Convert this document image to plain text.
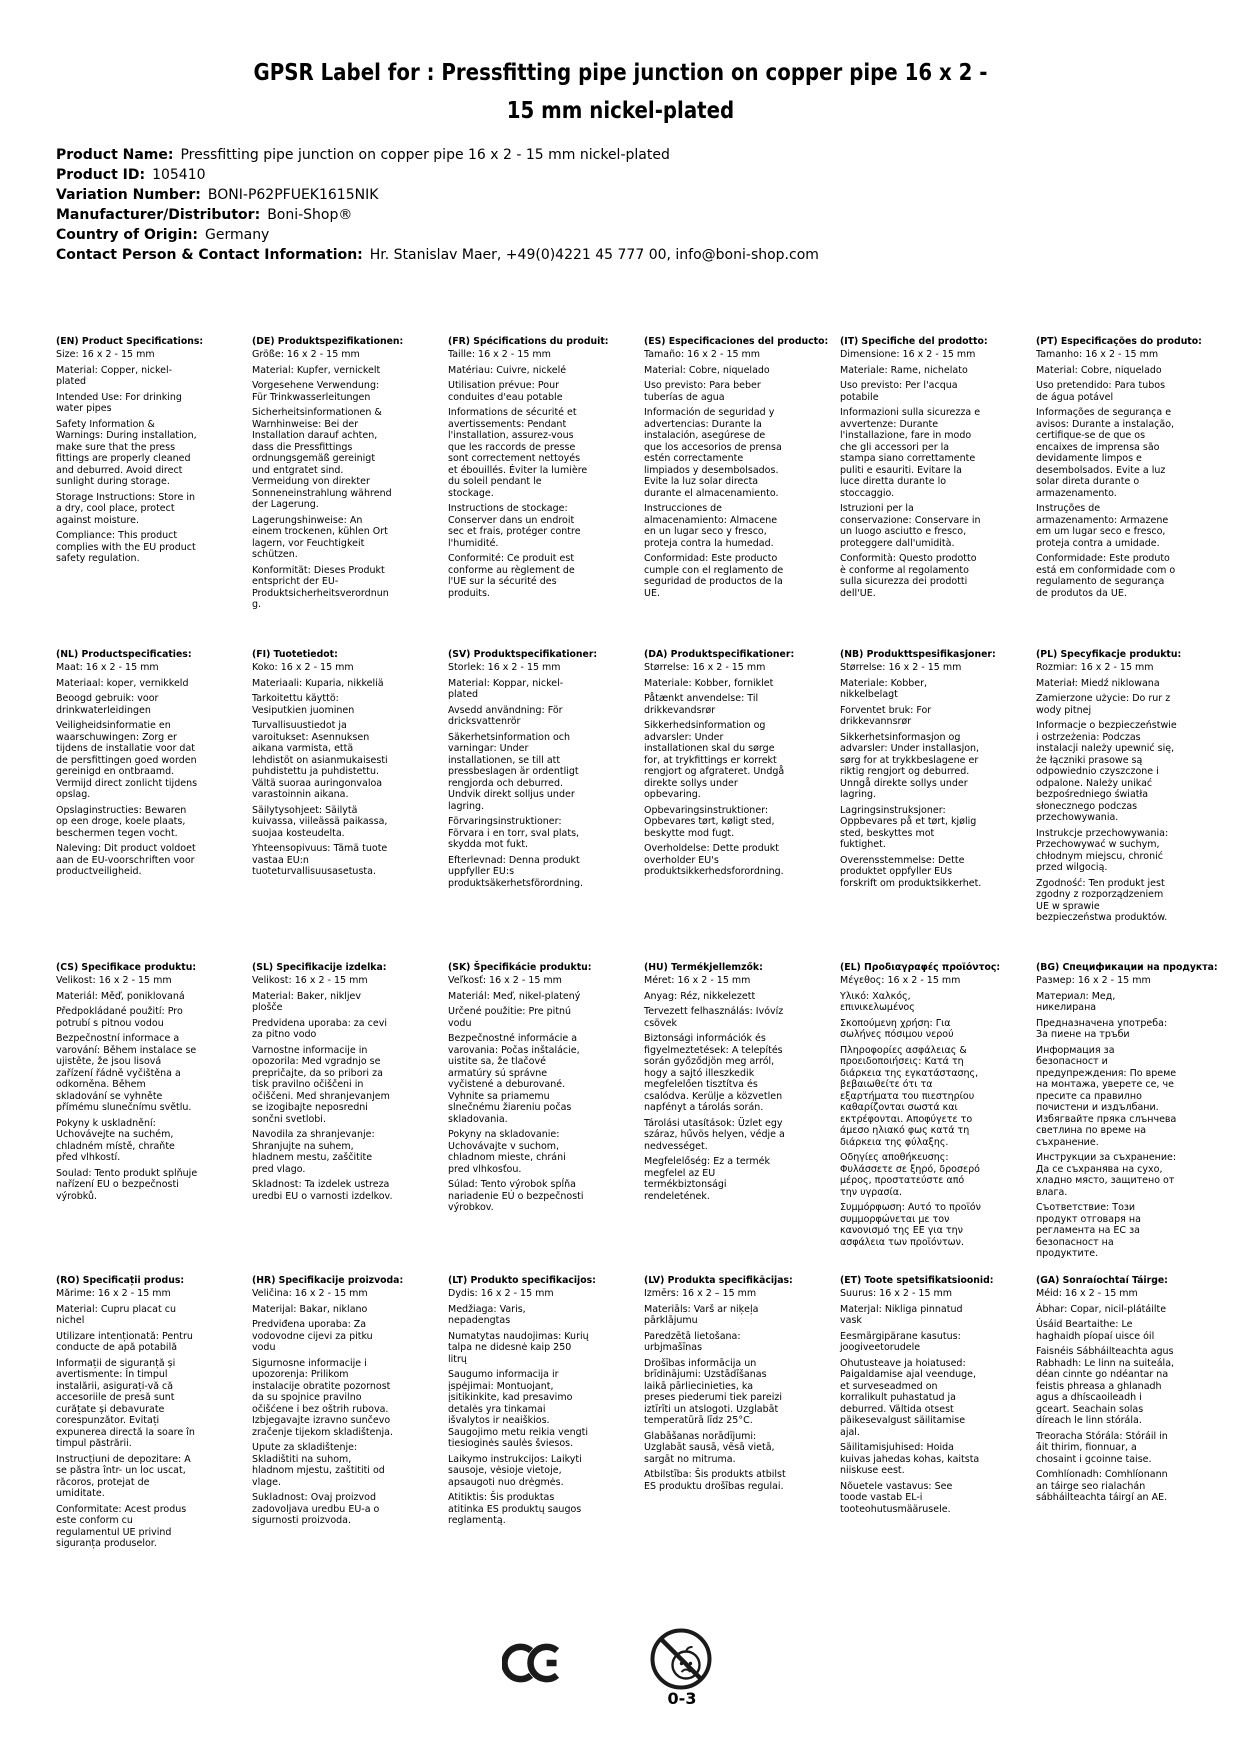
GPSR Label for : Pressfitting pipe junction on copper pipe 16 x 2 -
15 mm nickel-plated
Product Name: Pressfitting pipe junction on copper pipe 16 x 2 - 15 mm nickel-plated
Product ID: 105410
Variation Number: BONI-P62PFUEK1615NIK
Manufacturer/Distributor: Boni-Shop®
Country of Origin: Germany
Contact Person & Contact Information: Hr. Stanislav Maer, +49(0)4221 45 777 00, info@boni-shop.com
(EN) Product Specifications:

Size: 16 x 2 - 15 mm

Material: Copper, nickel-plated

Intended Use: For drinking water pipes

Safety Information & Warnings: During installation, make sure that the press fittings are properly cleaned and deburred. Avoid direct sunlight during storage.

Storage Instructions: Store in a dry, cool place, protect against moisture.

Compliance: This product complies with the EU product safety regulation.

(DE) Produktspezifikationen:

Größe: 16 x 2 - 15 mm

Material: Kupfer, vernickelt

Vorgesehene Verwendung: Für Trinkwasserleitungen

Sicherheitsinformationen & Warnhinweise: Bei der Installation darauf achten, dass die Pressfittings ordnungsgemäß gereinigt und entgratet sind. Vermeidung von direkter Sonneneinstrahlung während der Lagerung.

Lagerungshinweise: An einem trockenen, kühlen Ort lagern, vor Feuchtigkeit schützen.

Konformität: Dieses Produkt entspricht der EU-Produktsicherheitsverordnung.

(FR) Spécifications du produit:

Taille: 16 x 2 - 15 mm

Matériau: Cuivre, nickelé

Utilisation prévue: Pour conduites d'eau potable

Informations de sécurité et avertissements: Pendant l'installation, assurez-vous que les raccords de presse sont correctement nettoyés et ébouillés. Éviter la lumière du soleil pendant le stockage.

Instructions de stockage: Conserver dans un endroit sec et frais, protéger contre l'humidité.

Conformité: Ce produit est conforme au règlement de l'UE sur la sécurité des produits.

(ES) Especificaciones del producto:

Tamaño: 16 x 2 - 15 mm

Material: Cobre, niquelado

Uso previsto: Para beber tuberías de agua

Información de seguridad y advertencias: Durante la instalación, asegúrese de que los accesorios de prensa estén correctamente limpiados y desembolsados. Evite la luz solar directa durante el almacenamiento.

Instrucciones de almacenamiento: Almacene en un lugar seco y fresco, proteja contra la humedad.

Conformidad: Este producto cumple con el reglamento de seguridad de productos de la UE.

(IT) Specifiche del prodotto:

Dimensione: 16 x 2 - 15 mm

Materiale: Rame, nichelato

Uso previsto: Per l'acqua potabile

Informazioni sulla sicurezza e avvertenze: Durante l'installazione, fare in modo che gli accessori per la stampa siano correttamente puliti e esauriti. Evitare la luce diretta durante lo stoccaggio.

Istruzioni per la conservazione: Conservare in un luogo asciutto e fresco, proteggere dall'umidità.

Conformità: Questo prodotto è conforme al regolamento sulla sicurezza dei prodotti dell'UE.

(PT) Especificações do produto:

Tamanho: 16 x 2 - 15 mm

Material: Cobre, niquelado

Uso pretendido: Para tubos de água potável

Informações de segurança e avisos: Durante a instalação, certifique-se de que os encaixes de imprensa são devidamente limpos e desembolsados. Evite a luz solar direta durante o armazenamento.

Instruções de armazenamento: Armazene em um lugar seco e fresco, proteja contra a umidade.

Conformidade: Este produto está em conformidade com o regulamento de segurança de produtos da UE.

(NL) Productspecificaties:

Maat: 16 x 2 - 15 mm

Materiaal: koper, vernikkeld

Beoogd gebruik: voor drinkwaterleidingen

Veiligheidsinformatie en waarschuwingen: Zorg er tijdens de installatie voor dat de persfittingen goed worden gereinigd en ontbraamd. Vermijd direct zonlicht tijdens opslag.

Opslaginstructies: Bewaren op een droge, koele plaats, beschermen tegen vocht.

Naleving: Dit product voldoet aan de EU-voorschriften voor productveiligheid.

(FI) Tuotetiedot:

Koko: 16 x 2 - 15 mm

Materiaali: Kuparia, nikkeliä

Tarkoitettu käyttö: Vesiputkien juominen

Turvallisuustiedot ja varoitukset: Asennuksen aikana varmista, että lehdistöt on asianmukaisesti puhdistettu ja puhdistettu. Vältä suoraa auringonvaloa varastoinnin aikana.

Säilytysohjeet: Säilytä kuivassa, viileässä paikassa, suojaa kosteudelta.

Yhteensopivuus: Tämä tuote vastaa EU:n tuoteturvallisuusasetusta.

(SV) Produktspecifikationer:

Storlek: 16 x 2 - 15 mm

Material: Koppar, nickel-plated

Avsedd användning: För dricksvattenrör

Säkerhetsinformation och varningar: Under installationen, se till att pressbeslagen är ordentligt rengjorda och deburred. Undvik direkt solljus under lagring.

Förvaringsinstruktioner: Förvara i en torr, sval plats, skydda mot fukt.

Efterlevnad: Denna produkt uppfyller EU:s produktsäkerhetsförordning.

(DA) Produktspecifikationer:

Størrelse: 16 x 2 - 15 mm

Materiale: Kobber, forniklet

Påtænkt anvendelse: Til drikkevandsrør

Sikkerhedsinformation og advarsler: Under installationen skal du sørge for, at trykfittings er korrekt rengjort og afgrateret. Undgå direkte sollys under opbevaring.

Opbevaringsinstruktioner: Opbevares tørt, køligt sted, beskytte mod fugt.

Overholdelse: Dette produkt overholder EU's produktsikkerhedsforordning.

(NB) Produkttspesifikasjoner:

Størrelse: 16 x 2 - 15 mm

Materiale: Kobber, nikkelbelagt

Forventet bruk: For drikkevannsrør

Sikkerhetsinformasjon og advarsler: Under installasjon, sørg for at trykkbeslagene er riktig rengjort og deburred. Unngå direkte sollys under lagring.

Lagringsinstruksjoner: Oppbevares på et tørt, kjølig sted, beskyttes mot fuktighet.

Overensstemmelse: Dette produktet oppfyller EUs forskrift om produktsikkerhet.

(PL) Specyfikacje produktu:

Rozmiar: 16 x 2 - 15 mm

Materiał: Miedź niklowana

Zamierzone użycie: Do rur z wody pitnej

Informacje o bezpieczeństwie i ostrzeżenia: Podczas instalacji należy upewnić się, że łączniki prasowe są odpowiednio czyszczone i odpalone. Należy unikać bezpośredniego światła słonecznego podczas przechowywania.

Instrukcje przechowywania: Przechowywać w suchym, chłodnym miejscu, chronić przed wilgocią.

Zgodność: Ten produkt jest zgodny z rozporządzeniem UE w sprawie bezpieczeństwa produktów.

(CS) Specifikace produktu:

Velikost: 16 x 2 - 15 mm

Materiál: Měď, poniklovaná

Předpokládané použití: Pro potrubí s pitnou vodou

Bezpečnostní informace a varování: Během instalace se ujistěte, že jsou lisová zařízení řádně vyčištěna a odkorněna. Během skladování se vyhněte přímému slunečnímu světlu.

Pokyny k uskladnění: Uchovávejte na suchém, chladném místě, chraňte před vlhkostí.

Soulad: Tento produkt splňuje nařízení EU o bezpečnosti výrobků.

(SL) Specifikacije izdelka:

Velikost: 16 x 2 - 15 mm

Material: Baker, nikljev plošče

Predvidena uporaba: za cevi za pitno vodo

Varnostne informacije in opozorila: Med vgradnjo se prepričajte, da so pribori za tisk pravilno očiščeni in očiščeni. Med shranjevanjem se izogibajte neposredni sončni svetlobi.

Navodila za shranjevanje: Shranjujte na suhem, hladnem mestu, zaščitite pred vlago.

Skladnost: Ta izdelek ustreza uredbi EU o varnosti izdelkov.

(SK) Špecifikácie produktu:

Veľkosť: 16 x 2 - 15 mm

Materiál: Meď, nikel-platený

Určené použitie: Pre pitnú vodu

Bezpečnostné informácie a varovania: Počas inštalácie, uistite sa, že tlačové armatúry sú správne vyčistené a deburované. Vyhnite sa priamemu slnečnému žiareniu počas skladovania.

Pokyny na skladovanie: Uchovávajte v suchom, chladnom mieste, chráni pred vlhkosťou.

Súlad: Tento výrobok spĺňa nariadenie EÚ o bezpečnosti výrobkov.

(HU) Termékjellemzők:

Méret: 16 x 2 - 15 mm

Anyag: Réz, nikkelezett

Tervezett felhasználás: Ivóvíz csövek

Biztonsági információk és figyelmeztetések: A telepítés során győződjön meg arról, hogy a sajtó illeszkedik megfelelően tisztítva és csalódva. Kerülje a közvetlen napfényt a tárolás során.

Tárolási utasítások: Üzlet egy száraz, hűvös helyen, védje a nedvességet.

Megfelelőség: Ez a termék megfelel az EU termékbiztonsági rendeletének.

(EL) Προδιαγραφές προϊόντος:

Μέγεθος: 16 x 2 - 15 mm

Υλικό: Χαλκός, επινικελωμένος

Σκοπούμενη χρήση: Για σωλήνες πόσιμου νερού

Πληροφορίες ασφάλειας & προειδοποιήσεις: Κατά τη διάρκεια της εγκατάστασης, βεβαιωθείτε ότι τα εξαρτήματα του πιεστηρίου καθαρίζονται σωστά και εκτρέφονται. Αποφύγετε το άμεσο ηλιακό φως κατά τη διάρκεια της φύλαξης.

Οδηγίες αποθήκευσης: Φυλάσσετε σε ξηρό, δροσερό μέρος, προστατεύστε από την υγρασία.

Συμμόρφωση: Αυτό το προϊόν συμμορφώνεται με τον κανονισμό της ΕΕ για την ασφάλεια των προϊόντων.

(BG) Спецификации на продукта:

Размер: 16 x 2 - 15 mm

Материал: Мед, никелирана

Предназначена употреба: За пиене на тръби

Информация за безопасност и предупреждения: По време на монтажа, уверете се, че пресите са правилно почистени и издълбани. Избягвайте пряка слънчева светлина по време на съхранение.

Инструкции за съхранение: Да се съхранява на сухо, хладно място, защитено от влага.

Съответствие: Този продукт отговаря на регламента на ЕС за безопасност на продуктите.

(RO) Specificații produs:

Mărime: 16 x 2 - 15 mm

Material: Cupru placat cu nichel

Utilizare intenționată: Pentru conducte de apă potabilă

Informații de siguranță și avertismente: În timpul instalării, asigurați-vă că accesoriile de presă sunt curățate și debavurate corespunzător. Evitați expunerea directă la soare în timpul păstrării.

Instrucțiuni de depozitare: A se păstra într- un loc uscat, răcoros, protejat de umiditate.

Conformitate: Acest produs este conform cu regulamentul UE privind siguranța produselor.

(HR) Specifikacije proizvoda:

Veličina: 16 x 2 - 15 mm

Materijal: Bakar, niklano

Predviđena uporaba: Za vodovodne cijevi za pitku vodu

Sigurnosne informacije i upozorenja: Prilikom instalacije obratite pozornost da su spojnice pravilno očišćene i bez oštrih rubova. Izbjegavajte izravno sunčevo zračenje tijekom skladištenja.

Upute za skladištenje: Skladištiti na suhom, hladnom mjestu, zaštititi od vlage.

Sukladnost: Ovaj proizvod zadovoljava uredbu EU-a o sigurnosti proizvoda.

(LT) Produkto specifikacijos:

Dydis: 16 x 2 - 15 mm

Medžiaga: Varis, nepadengtas

Numatytas naudojimas: Kurių talpa ne didesnė kaip 250 litrų

Saugumo informacija ir įspėjimai: Montuojant, įsitikinkite, kad presavimo detalės yra tinkamai išvalytos ir neaiškios. Saugojimo metu reikia vengti tiesioginės saulės šviesos.

Laikymo instrukcijos: Laikyti sausoje, vėsioje vietoje, apsaugoti nuo drėgmės.

Atitiktis: Šis produktas atitinka ES produktų saugos reglamentą.

(LV) Produkta specifikācijas:

Izmērs: 16 x 2 – 15 mm

Materiāls: Varš ar niķeļa pārklājumu

Paredzētā lietošana: urbjmašīnas

Drošības informācija un brīdinājumi: Uzstādīšanas laikā pārliecinieties, ka preses piederumi tiek pareizi iztīrīti un atslogoti. Uzglabāt temperatūrā līdz 25°C.

Glabāšanas norādījumi: Uzglabāt sausā, vēsā vietā, sargāt no mitruma.

Atbilstība: Šis produkts atbilst ES produktu drošības regulai.

(ET) Toote spetsifikatsioonid:

Suurus: 16 x 2 - 15 mm

Materjal: Nikliga pinnatud vask

Eesmärgipärane kasutus: joogiveetorudele

Ohutusteave ja hoiatused: Paigaldamise ajal veenduge, et surveseadmed on korralikult puhastatud ja deburred. Vältida otsest päikesevalgust säilitamise ajal.

Säilitamisjuhised: Hoida kuivas jahedas kohas, kaitsta niiskuse eest.

Nõuetele vastavus: See toode vastab EL-i tooteohutusmäärusele.

(GA) Sonraíochtaí Táirge:

Méid: 16 x 2 - 15 mm

Ábhar: Copar, nicil-plátáilte

Úsáid Beartaithe: Le haghaidh píopaí uisce óil

Faisnéis Sábháilteachta agus Rabhadh: Le linn na suiteála, déan cinnte go ndéantar na feistis phreasa a ghlanadh agus a dhíscaoileadh i gceart. Seachain solas díreach le linn stórála.

Treoracha Stórála: Stóráil in áit thirim, fionnuar, a chosaint i gcoinne taise.

Comhlíonadh: Comhlíonann an táirge seo rialachán sábháilteachta táirgí an AE.

0-3
